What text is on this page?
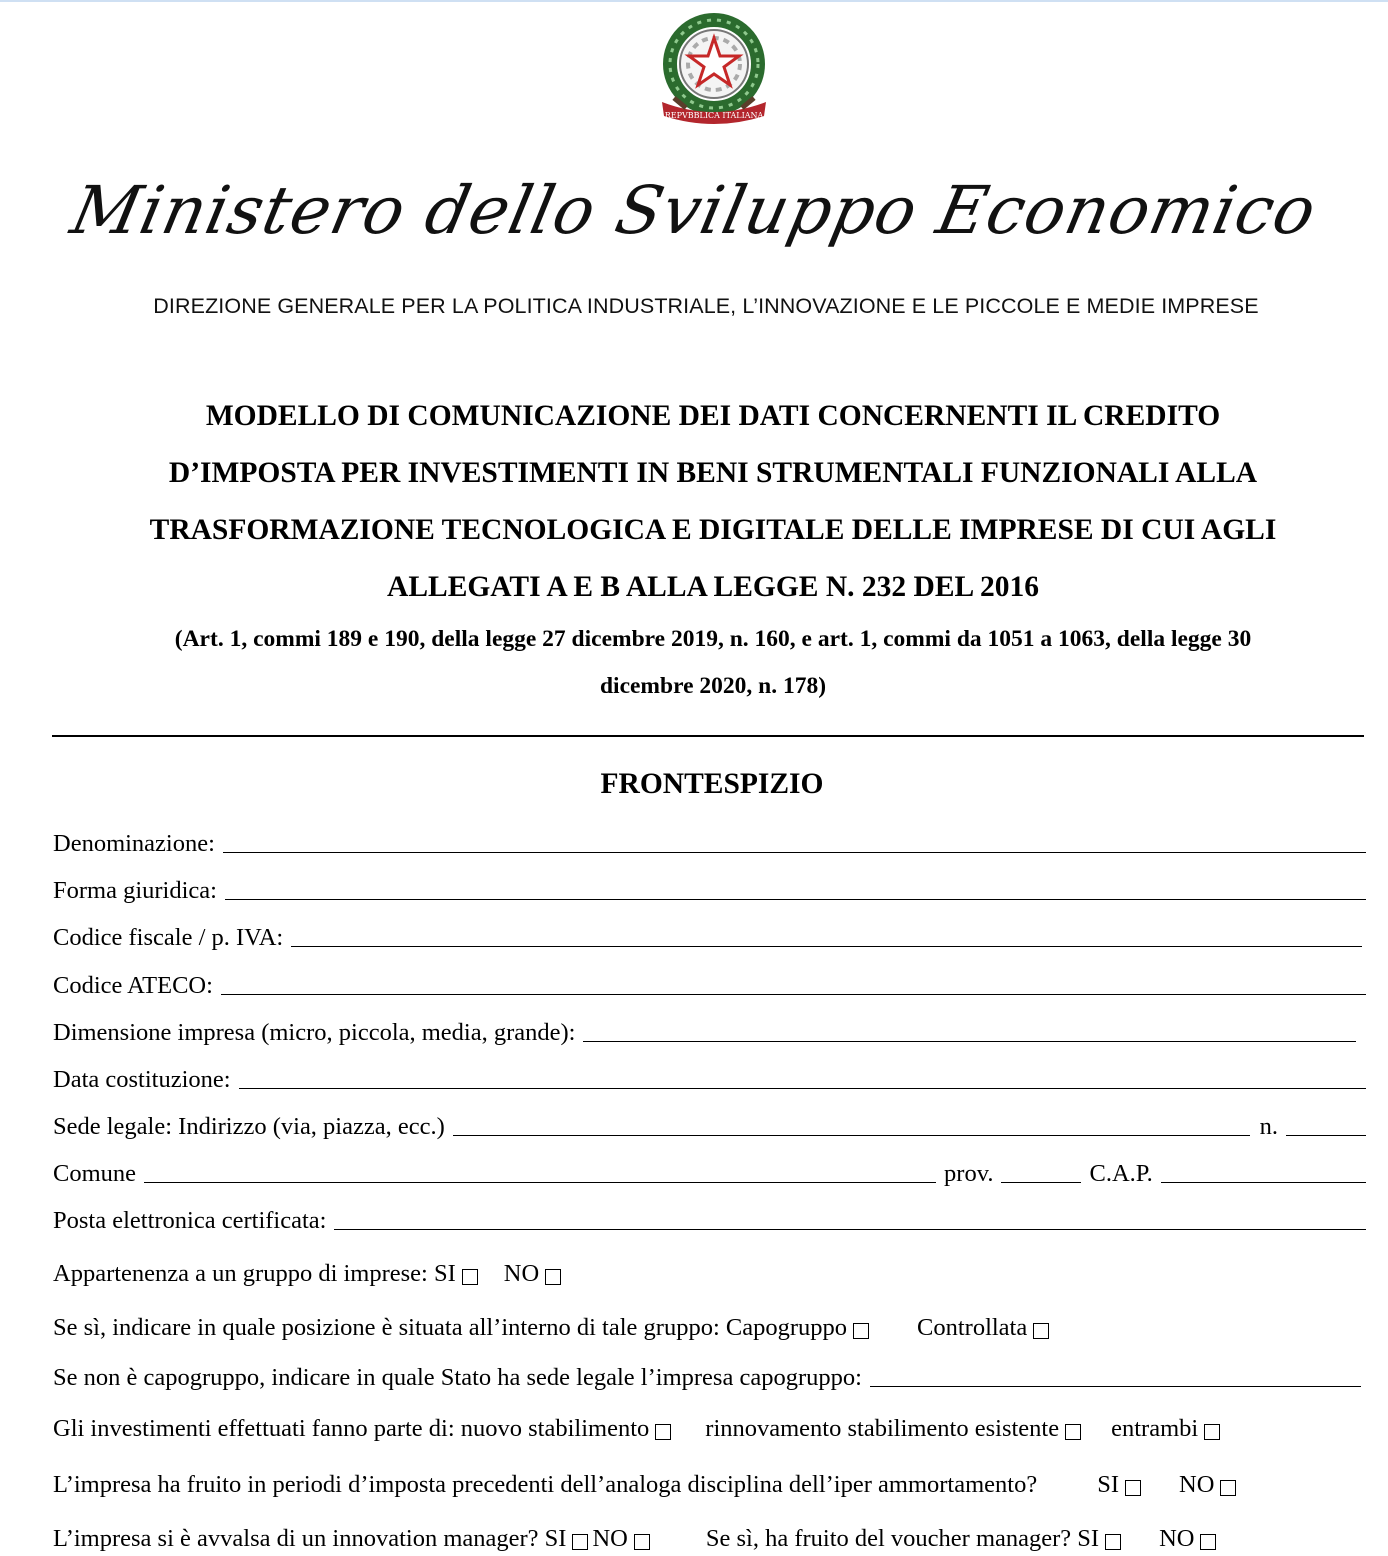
REPVBBLICA ITALIANA
Ministero dello Sviluppo Economico
DIREZIONE GENERALE PER LA POLITICA INDUSTRIALE, L’INNOVAZIONE E LE PICCOLE E MEDIE IMPRESE
MODELLO DI COMUNICAZIONE DEI DATI CONCERNENTI IL CREDITO
D’IMPOSTA PER INVESTIMENTI IN BENI STRUMENTALI FUNZIONALI ALLA
TRASFORMAZIONE TECNOLOGICA E DIGITALE DELLE IMPRESE DI CUI AGLI
ALLEGATI A E B ALLA LEGGE N. 232 DEL 2016
(Art. 1, commi 189 e 190, della legge 27 dicembre 2019, n. 160, e art. 1, commi da 1051 a 1063, della legge 30
dicembre 2020, n. 178)
FRONTESPIZIO
Denominazione:
Forma giuridica:
Codice fiscale / p. IVA:
Codice ATECO:
Dimensione impresa (micro, piccola, media, grande):
Data costituzione:
Sede legale: Indirizzo (via, piazza, ecc.)	n.
Comune	prov.	C.A.P.
Posta elettronica certificata:
Appartenenza a un gruppo di imprese: SI NO
Se sì, indicare in quale posizione è situata all’interno di tale gruppo: Capogruppo	Controllata
Se non è capogruppo, indicare in quale Stato ha sede legale l’impresa capogruppo:
Gli investimenti effettuati fanno parte di: nuovo stabilimento rinnovamento stabilimento esistente entrambi
L’impresa ha fruito in periodi d’imposta precedenti dell’analoga disciplina dell’iper ammortamento? SI NO
L’impresa si è avvalsa di un innovation manager? SI NO	Se sì, ha fruito del voucher manager? SI NO
